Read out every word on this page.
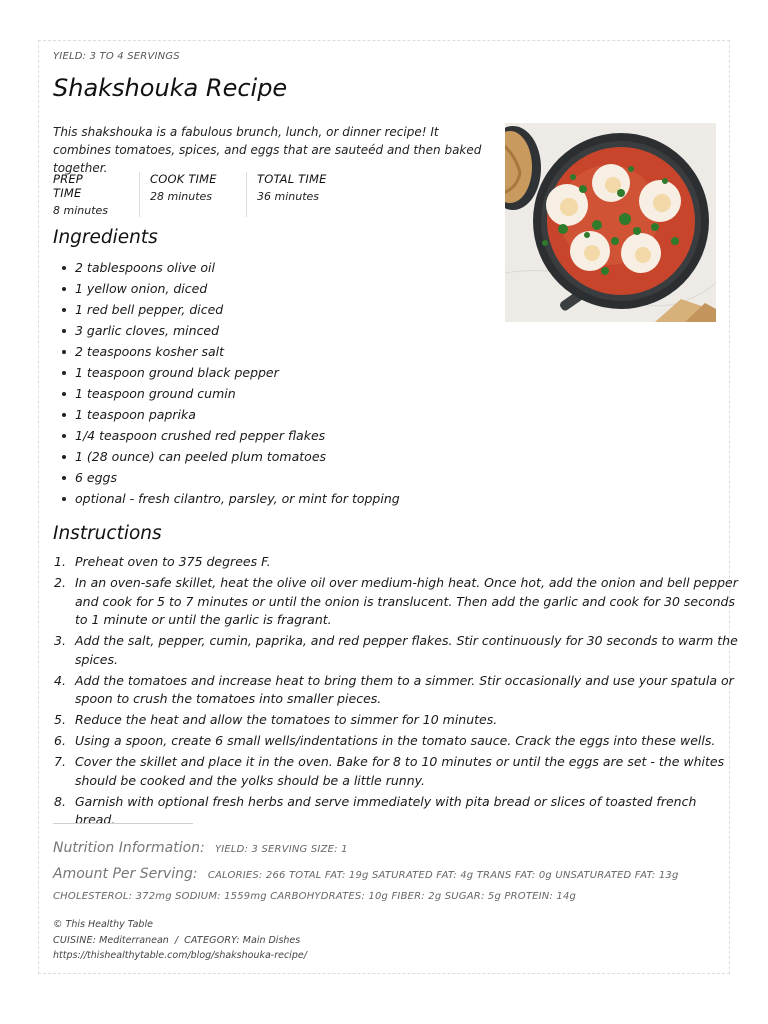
YIELD: 3 TO 4 SERVINGS
Shakshouka Recipe

This shakshouka is a fabulous brunch, lunch, or dinner recipe! It combines tomatoes, spices, and eggs that are sauteéd and then baked together.

PREP TIME
8 minutes
COOK TIME
28 minutes
TOTAL TIME
36 minutes
Ingredients
2 tablespoons olive oil
1 yellow onion, diced
1 red bell pepper, diced
3 garlic cloves, minced
2 teaspoons kosher salt
1 teaspoon ground black pepper
1 teaspoon ground cumin
1 teaspoon paprika
1/4 teaspoon crushed red pepper flakes
1 (28 ounce) can peeled plum tomatoes
6 eggs
optional - fresh cilantro, parsley, or mint for topping
Instructions
1. Preheat oven to 375 degrees F.
2. In an oven-safe skillet, heat the olive oil over medium-high heat. Once hot, add the onion and bell pepper and cook for 5 to 7 minutes or until the onion is translucent. Then add the garlic and cook for 30 seconds to 1 minute or until the garlic is fragrant.
3. Add the salt, pepper, cumin, paprika, and red pepper flakes. Stir continuously for 30 seconds to warm the spices.
4. Add the tomatoes and increase heat to bring them to a simmer. Stir occasionally and use your spatula or spoon to crush the tomatoes into smaller pieces.
5. Reduce the heat and allow the tomatoes to simmer for 10 minutes.
6. Using a spoon, create 6 small wells/indentations in the tomato sauce. Crack the eggs into these wells.
7. Cover the skillet and place it in the oven. Bake for 8 to 10 minutes or until the eggs are set - the whites should be cooked and the yolks should be a little runny.
8. Garnish with optional fresh herbs and serve immediately with pita bread or slices of toasted french bread.
Nutrition Information: YIELD: 3 SERVING SIZE: 1
Amount Per Serving: CALORIES: 266 TOTAL FAT: 19g SATURATED FAT: 4g TRANS FAT: 0g UNSATURATED FAT: 13g
CHOLESTEROL: 372mg SODIUM: 1559mg CARBOHYDRATES: 10g FIBER: 2g SUGAR: 5g PROTEIN: 14g
© This Healthy Table
CUISINE: Mediterranean / CATEGORY: Main Dishes
https://thishealthytable.com/blog/shakshouka-recipe/
